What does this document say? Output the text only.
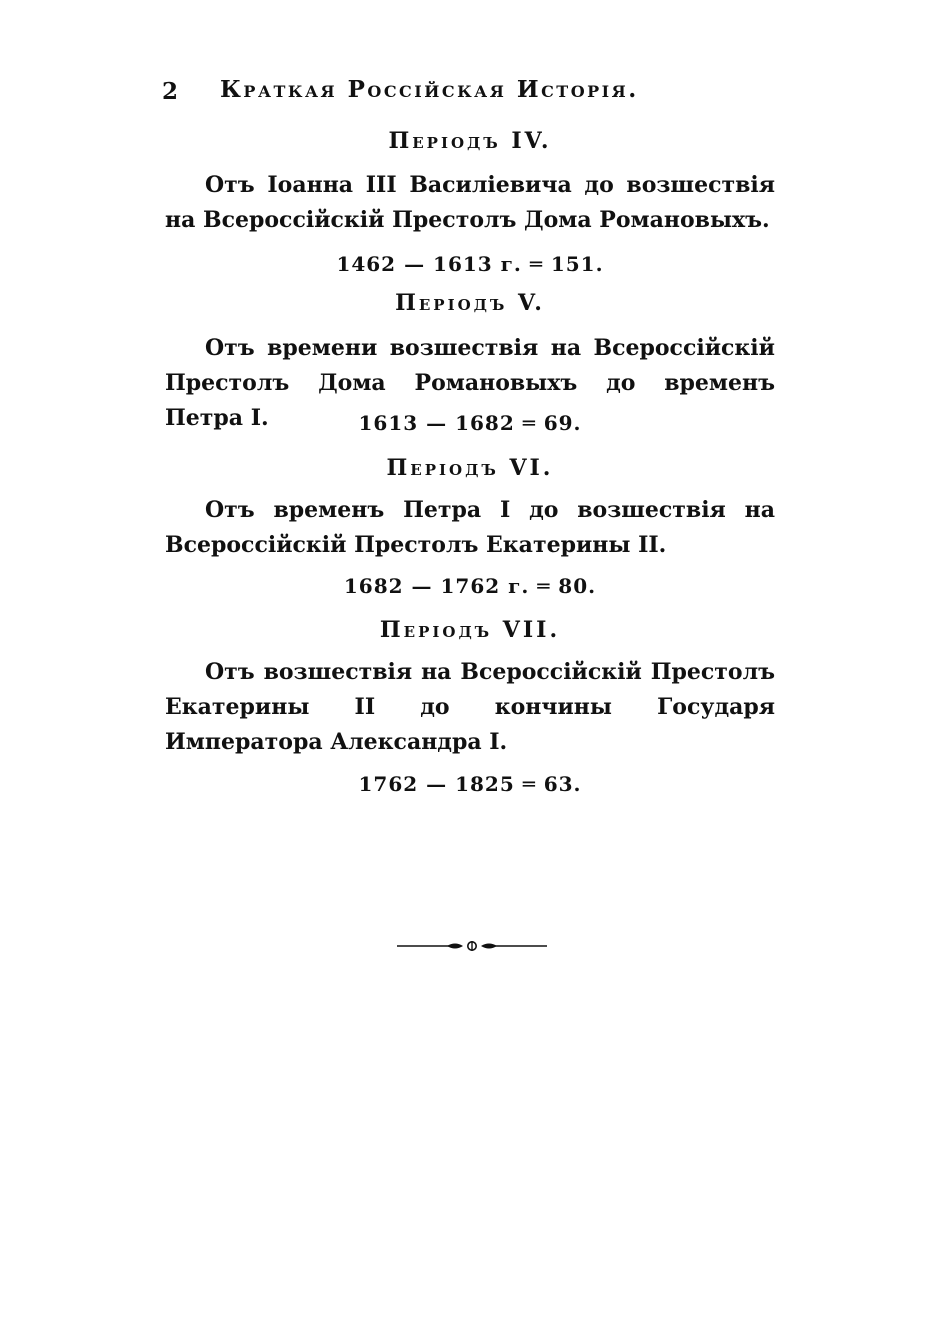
2 Краткая Россійская Исторія.
Періодъ IV.

Отъ Іоанна III Василіевича до возшествія на Всероссійскій Престолъ Дома Романовыхъ.

1462 — 1613 г. ═ 151.
Періодъ V.

Отъ времени возшествія на Всероссійскій Престолъ Дома Романовыхъ до временъ Петра I.	1613 — 1682 ═ 69.
Періодъ VI.

Отъ временъ Петра I до возшествія на Всероссійскій Престолъ Екатерины II.

1682 — 1762 г. ═ 80.
Періодъ VII.

Отъ возшествія на Всероссійскій Престолъ Екатерины II до кончины Государя Императора Александра I.

1762 — 1825 ═ 63.
